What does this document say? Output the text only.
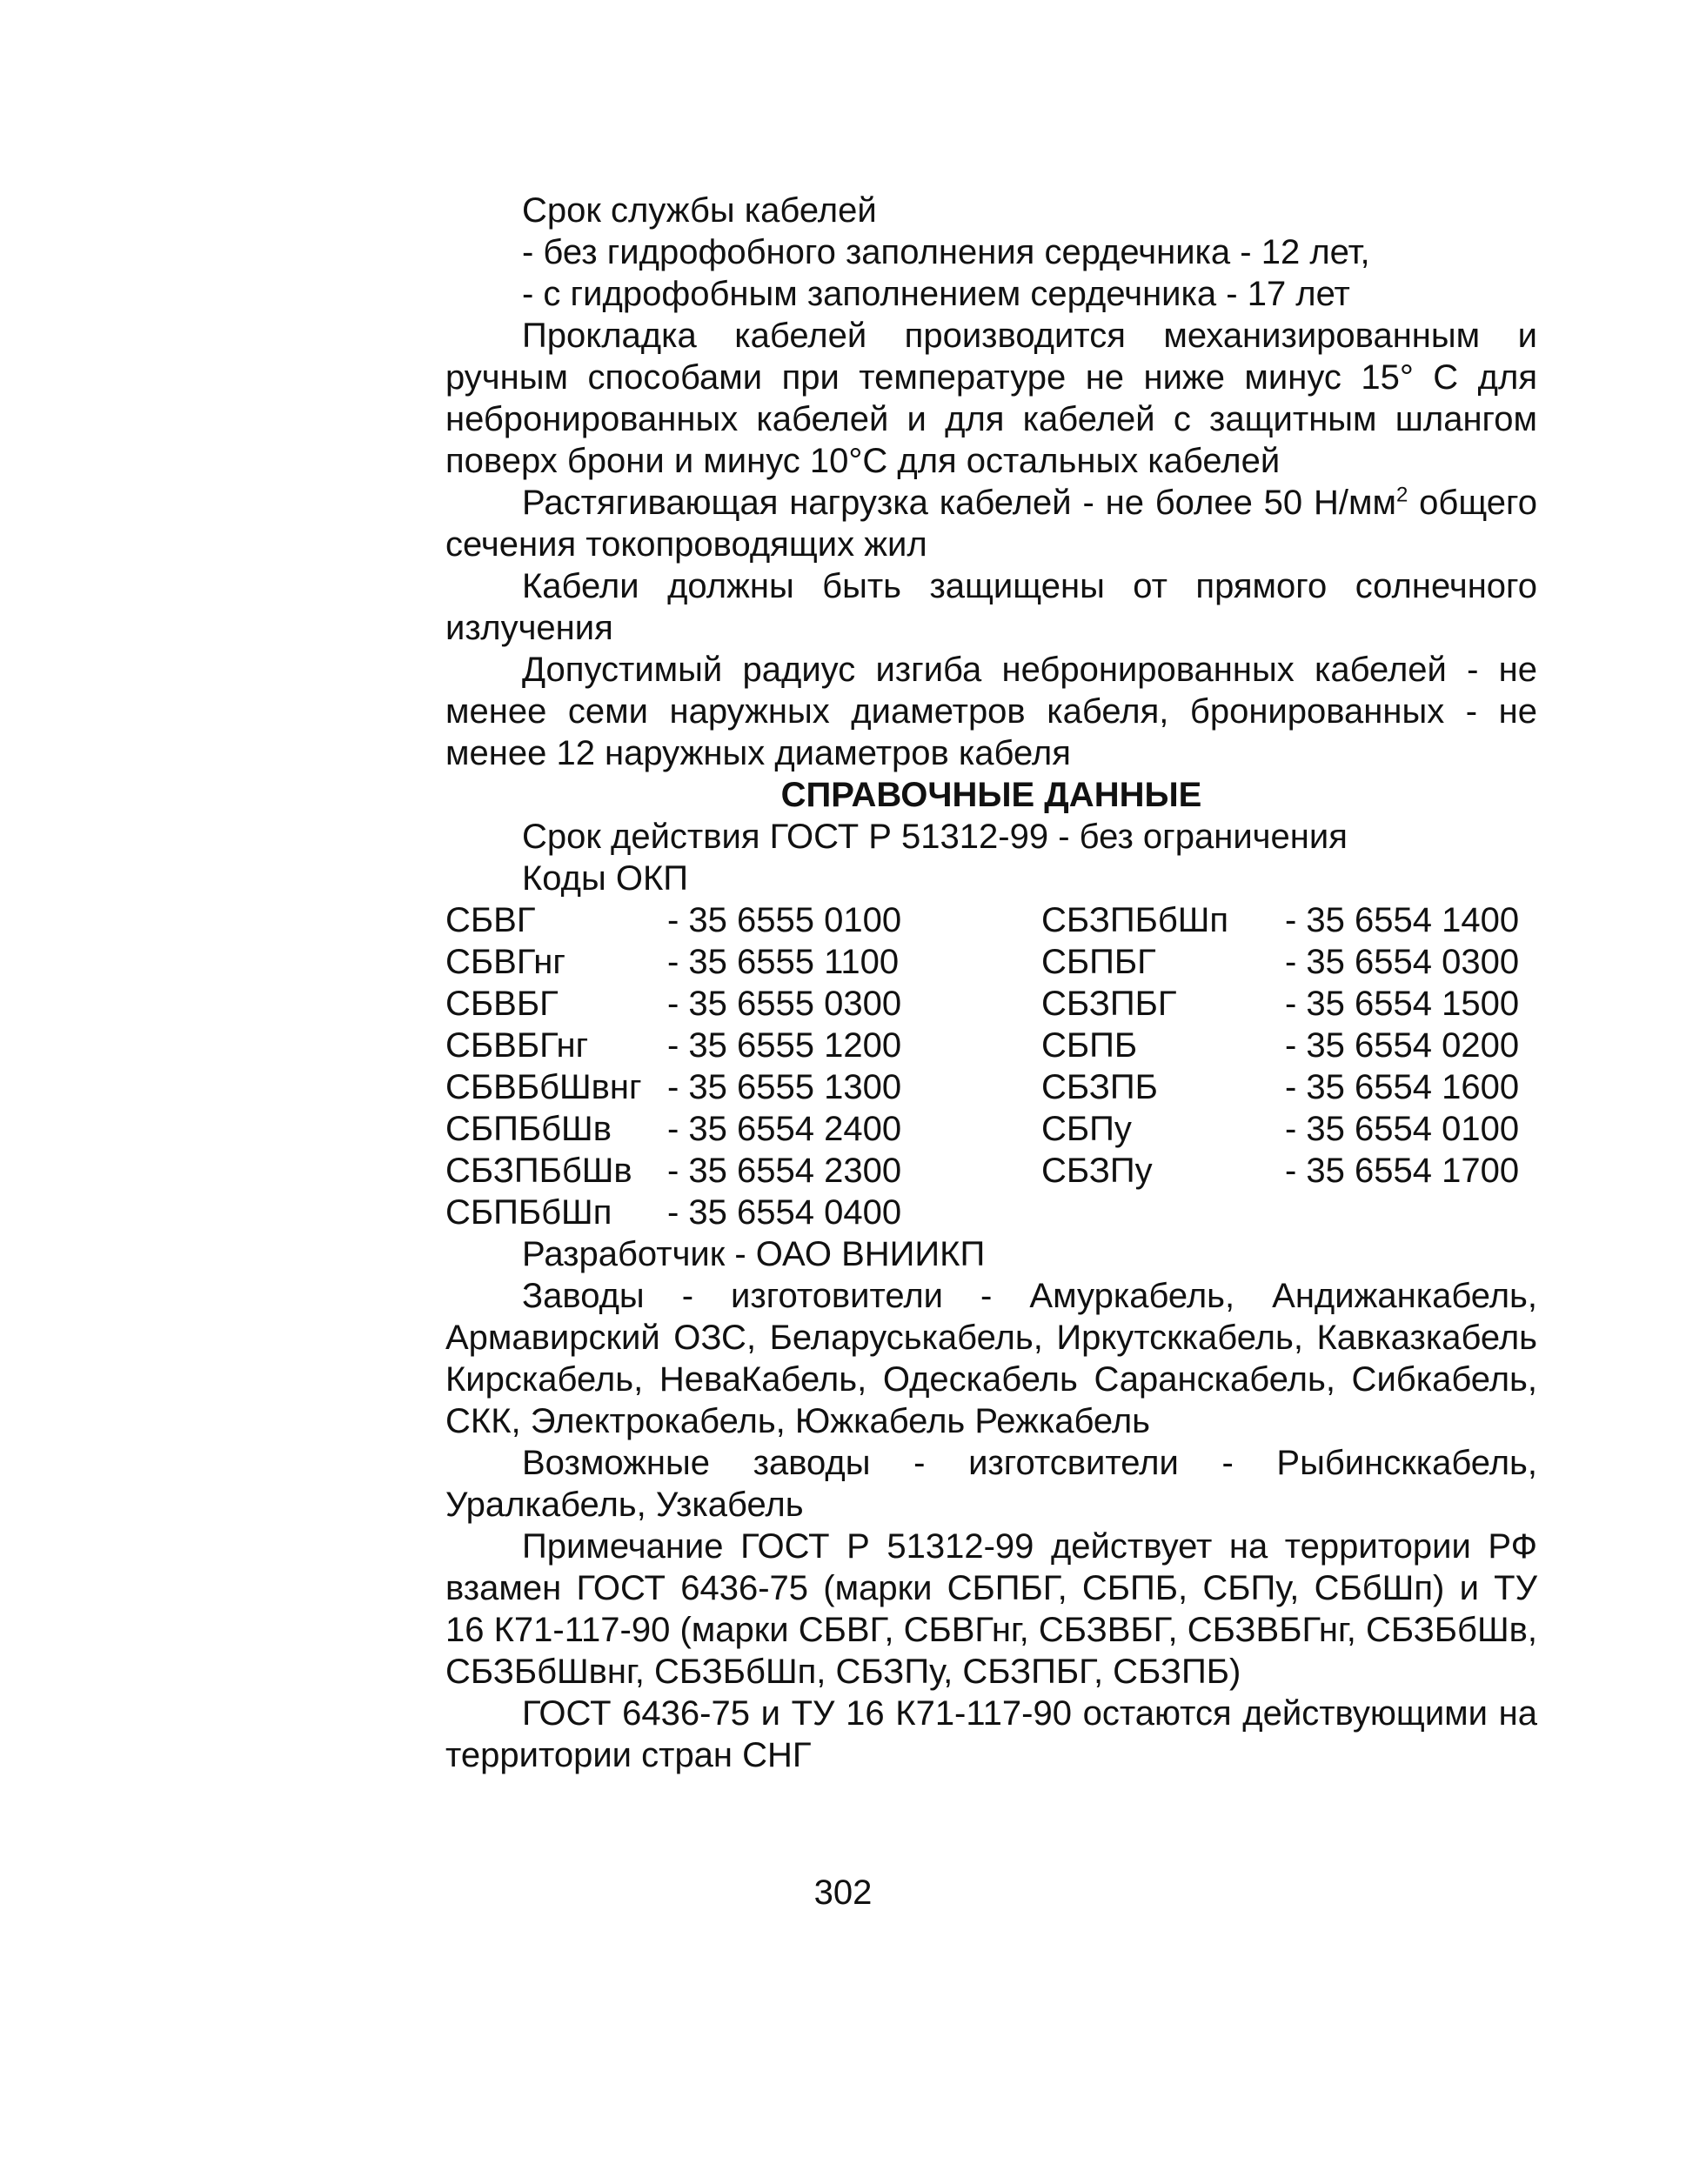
Срок службы кабелей

- без гидрофобного заполнения сердечника - 12 лет,

- с гидрофобным заполнением сердечника - 17 лет

Прокладка кабелей производится механизированным и ручным способами при температуре не ниже минус 15° С для небронированных кабелей и для кабелей с защитным шлангом поверх брони и минус 10°С для остальных кабелей

Растягивающая нагрузка кабелей - не более 50 $Н/мм^2$ общего сечения токопроводящих жил

Кабели должны быть защищены от прямого солнечного излучения

Допустимый радиус изгиба небронированных кабелей - не менее семи наружных диаметров кабеля, бронированных - не менее 12 наружных диаметров кабеля

СПРАВОЧНЫЕ ДАННЫЕ

Срок действия ГОСТ Р 51312-99 - без ограничения

Коды ОКП

СБВГ	- 35 6555 0100	СБЗПБбШп	- 35 6554 1400
СБВГнг	- 35 6555 1100	СБПБГ	- 35 6554 0300
СБВБГ	- 35 6555 0300	СБЗПБГ	- 35 6554 1500
СБВБГнг	- 35 6555 1200	СБПБ	- 35 6554 0200
СБВБбШвнг - 35 6555 1300	СБЗПБ	- 35 6554 1600
СБПБбШв	- 35 6554 2400	СБПу	- 35 6554 0100
СБЗПБбШв	- 35 6554 2300	СБЗПу	- 35 6554 1700
СБПБбШп	- 35 6554 0400

Разработчик - ОАО ВНИИКП

Заводы - изготовители - Амуркабель, Андижанкабель, Армавирский ОЗС, Беларуськабель, Иркутсккабель, Кавказкабель Кирскабель, НеваКабель, Одескабель Саранскабель, Сибкабель, СКК, Электрокабель, Южкабель Режкабель

Возможные заводы - изготсвители - Рыбинсккабель, Уралкабель, Узкабель

Примечание ГОСТ Р 51312-99 действует на территории РФ взамен ГОСТ 6436-75 (марки СБПБГ, СБПБ, СБПу, СБбШп) и ТУ 16 К71-117-90 (марки СБВГ, СБВГнг, СБЗВБГ, СБЗВБГнг, СБЗБбШв, СБЗБбШвнг, СБЗБбШп, СБЗПу, СБЗПБГ, СБЗПБ)

ГОСТ 6436-75 и ТУ 16 К71-117-90 остаются действующими на территории стран СНГ

302
